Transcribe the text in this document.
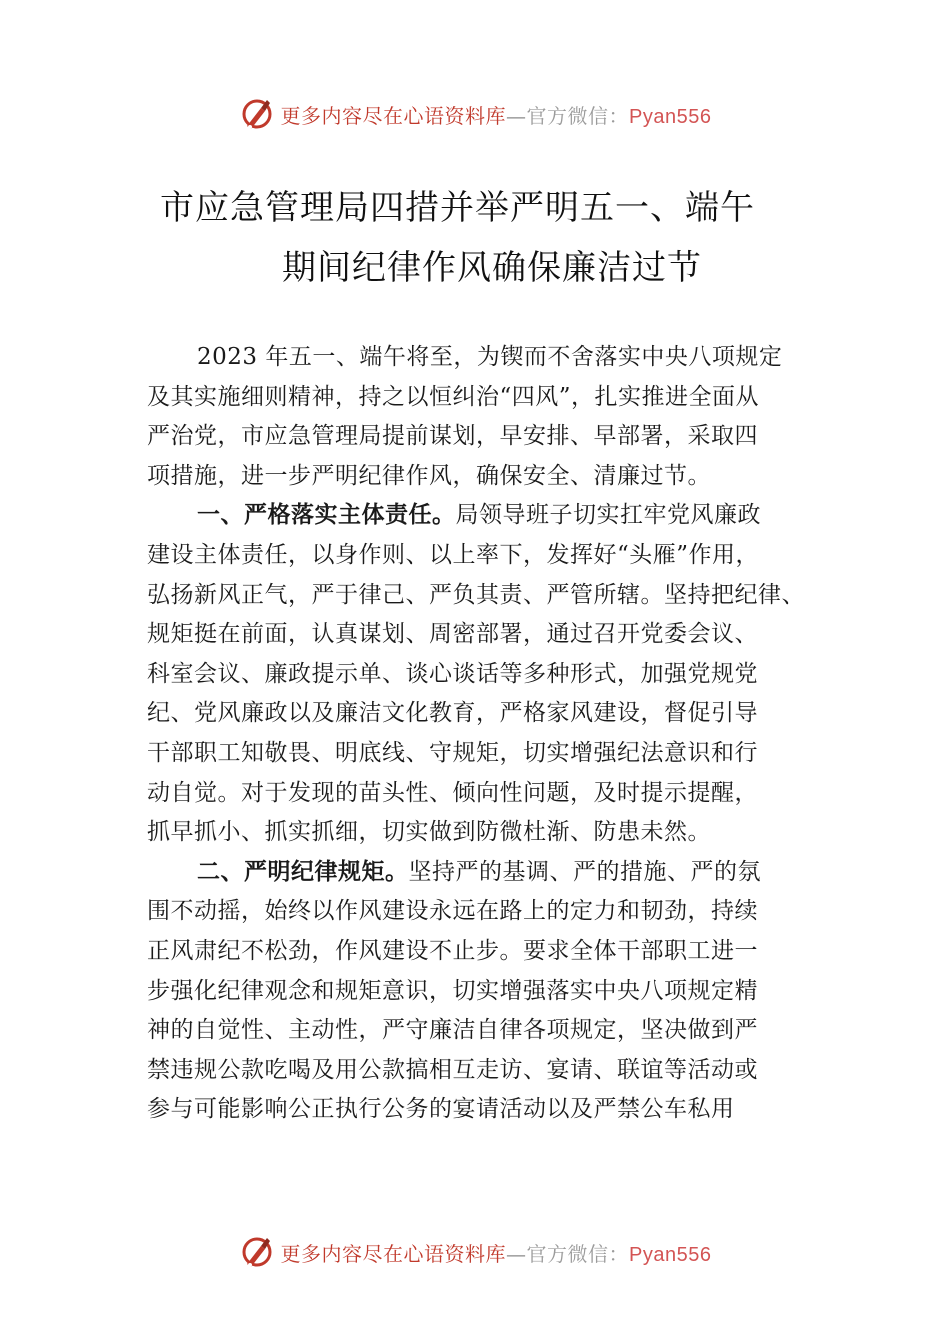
更多内容尽在心语资料库—官方微信：Pyan556
市应急管理局四措并举严明五一、端午
期间纪律作风确保廉洁过节
2023 年五一、端午将至，为锲而不舍落实中央八项规定
及其实施细则精神，持之以恒纠治“四风”，扎实推进全面从
严治党，市应急管理局提前谋划，早安排、早部署，采取四
项措施，进一步严明纪律作风，确保安全、清廉过节。
一、严格落实主体责任。局领导班子切实扛牢党风廉政
建设主体责任，以身作则、以上率下，发挥好“头雁”作用，
弘扬新风正气，严于律己、严负其责、严管所辖。坚持把纪律、
规矩挺在前面，认真谋划、周密部署，通过召开党委会议、
科室会议、廉政提示单、谈心谈话等多种形式，加强党规党
纪、党风廉政以及廉洁文化教育，严格家风建设，督促引导
干部职工知敬畏、明底线、守规矩，切实增强纪法意识和行
动自觉。对于发现的苗头性、倾向性问题，及时提示提醒，
抓早抓小、抓实抓细，切实做到防微杜渐、防患未然。
二、严明纪律规矩。坚持严的基调、严的措施、严的氛
围不动摇，始终以作风建设永远在路上的定力和韧劲，持续
正风肃纪不松劲，作风建设不止步。要求全体干部职工进一
步强化纪律观念和规矩意识，切实增强落实中央八项规定精
神的自觉性、主动性，严守廉洁自律各项规定，坚决做到严
禁违规公款吃喝及用公款搞相互走访、宴请、联谊等活动或
参与可能影响公正执行公务的宴请活动以及严禁公车私用
更多内容尽在心语资料库—官方微信：Pyan556
